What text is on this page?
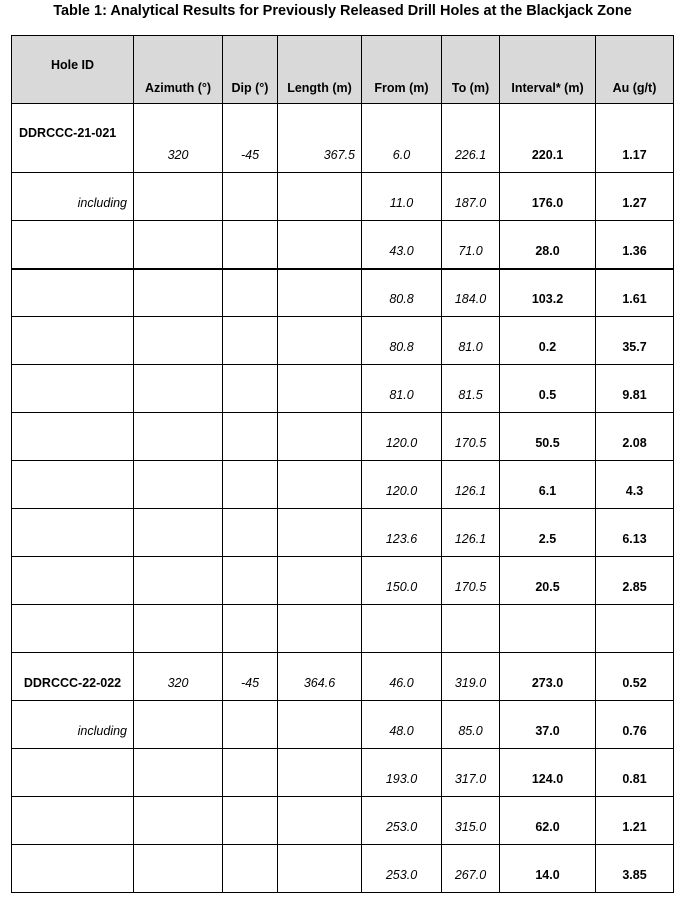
Table 1: Analytical Results for Previously Released Drill Holes at the Blackjack Zone
Hole ID	Azimuth (°)	Dip (°)	Length (m)	From (m)	To (m)	Interval* (m)	Au (g/t)
DDRCCC-21-021	320	-45	367.5	6.0	226.1	220.1	1.17
including				11.0	187.0	176.0	1.27
				43.0	71.0	28.0	1.36
				80.8	184.0	103.2	1.61
				80.8	81.0	0.2	35.7
				81.0	81.5	0.5	9.81
				120.0	170.5	50.5	2.08
				120.0	126.1	6.1	4.3
				123.6	126.1	2.5	6.13
				150.0	170.5	20.5	2.85

DDRCCC-22-022	320	-45	364.6	46.0	319.0	273.0	0.52
including				48.0	85.0	37.0	0.76
				193.0	317.0	124.0	0.81
				253.0	315.0	62.0	1.21
				253.0	267.0	14.0	3.85
